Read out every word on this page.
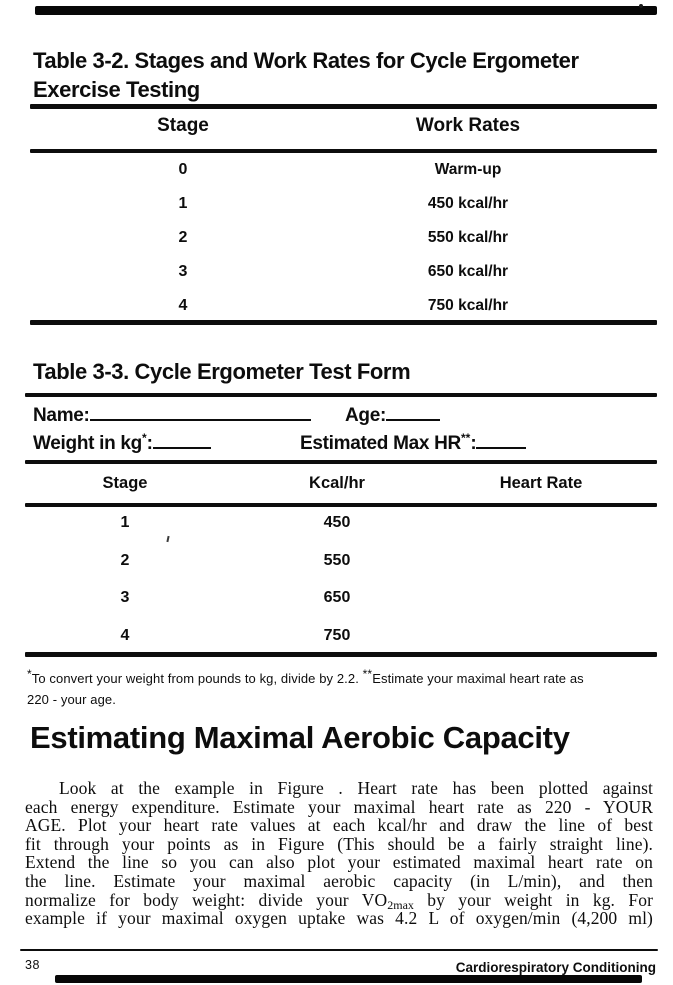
Table 3-2. Stages and Work Rates for Cycle Ergometer
Exercise Testing
Stage	Work Rates
0	Warm-up
1	450 kcal/hr
2	550 kcal/hr
3	650 kcal/hr
4	750 kcal/hr
Table 3-3. Cycle Ergometer Test Form
Name:	Age:
Weight in kg*:	Estimated Max HR**:
Stage	Kcal/hr	Heart Rate
1	450
2	550
3	650
4	750
*To convert your weight from pounds to kg, divide by 2.2. **Estimate your maximal heart rate as
220 - your age.
Estimating Maximal Aerobic Capacity
Look at the example in Figure . Heart rate has been plotted against
each energy expenditure. Estimate your maximal heart rate as 220 - YOUR
AGE. Plot your heart rate values at each kcal/hr and draw the line of best
fit through your points as in Figure (This should be a fairly straight line).
Extend the line so you can also plot your estimated maximal heart rate on
the line. Estimate your maximal aerobic capacity (in L/min), and then
normalize for body weight: divide your VO2max by your weight in kg. For
example if your maximal oxygen uptake was 4.2 L of oxygen/min (4,200 ml)
38	Cardiorespiratory Conditioning
